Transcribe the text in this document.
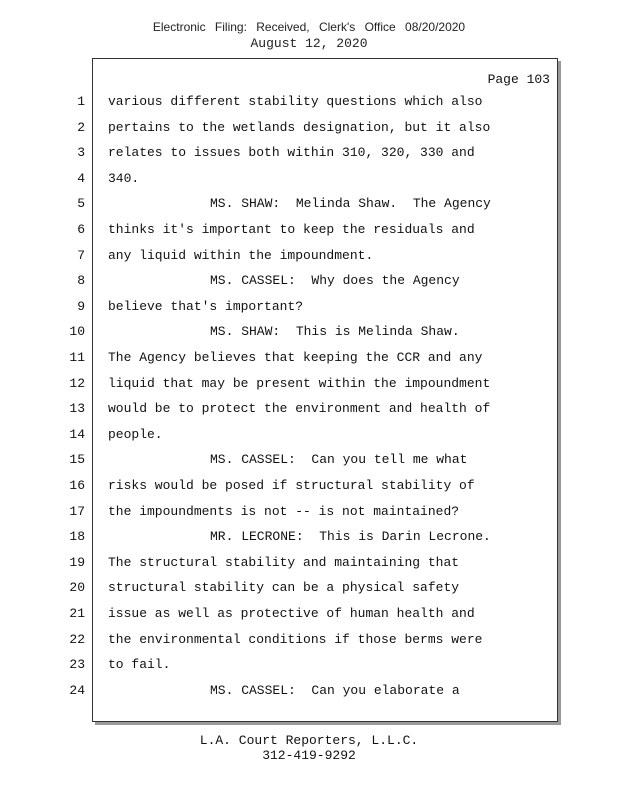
Electronic Filing: Received, Clerk's Office 08/20/2020
August 12, 2020
Page 103
1 various different stability questions which also
2 pertains to the wetlands designation, but it also
3 relates to issues both within 310, 320, 330 and
4 340.
5	MS. SHAW:  Melinda Shaw.  The Agency
6 thinks it's important to keep the residuals and
7 any liquid within the impoundment.
8	MS. CASSEL:  Why does the Agency
9 believe that's important?
10	MS. SHAW:  This is Melinda Shaw.
11 The Agency believes that keeping the CCR and any
12 liquid that may be present within the impoundment
13 would be to protect the environment and health of
14 people.
15	MS. CASSEL:  Can you tell me what
16 risks would be posed if structural stability of
17 the impoundments is not -- is not maintained?
18	MR. LECRONE:  This is Darin Lecrone.
19 The structural stability and maintaining that
20 structural stability can be a physical safety
21 issue as well as protective of human health and
22 the environmental conditions if those berms were
23 to fail.
24	MS. CASSEL:  Can you elaborate a
L.A. Court Reporters, L.L.C.
312-419-9292
